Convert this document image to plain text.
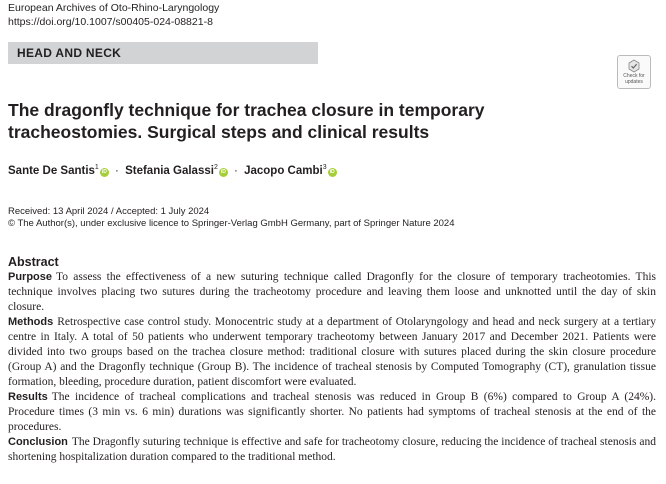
European Archives of Oto-Rhino-Laryngology
https://doi.org/10.1007/s00405-024-08821-8
HEAD AND NECK
Check for
updates
The dragonfly technique for trachea closure in temporary tracheostomies. Surgical steps and clinical results
Sante De Santis$^1$iD · Stefania Galassi$^2$iD · Jacopo Cambi$^3$iD
Received: 13 April 2024 / Accepted: 1 July 2024
© The Author(s), under exclusive licence to Springer-Verlag GmbH Germany, part of Springer Nature 2024
Abstract

Purpose To assess the effectiveness of a new suturing technique called Dragonfly for the closure of temporary tracheotomies. This technique involves placing two sutures during the tracheotomy procedure and leaving them loose and unknotted until the day of skin closure.

Methods Retrospective case control study. Monocentric study at a department of Otolaryngology and head and neck surgery at a tertiary centre in Italy. A total of 50 patients who underwent temporary tracheotomy between January 2017 and December 2021. Patients were divided into two groups based on the trachea closure method: traditional closure with sutures placed during the skin closure procedure (Group A) and the Dragonfly technique (Group B). The incidence of tracheal stenosis by Computed Tomography (CT), granulation tissue formation, bleeding, procedure duration, patient discomfort were evaluated.

Results The incidence of tracheal complications and tracheal stenosis was reduced in Group B (6%) compared to Group A (24%). Procedure times (3 min vs. 6 min) durations was significantly shorter. No patients had symptoms of tracheal stenosis at the end of the procedures.

Conclusion The Dragonfly suturing technique is effective and safe for tracheotomy closure, reducing the incidence of tracheal stenosis and shortening hospitalization duration compared to the traditional method.
